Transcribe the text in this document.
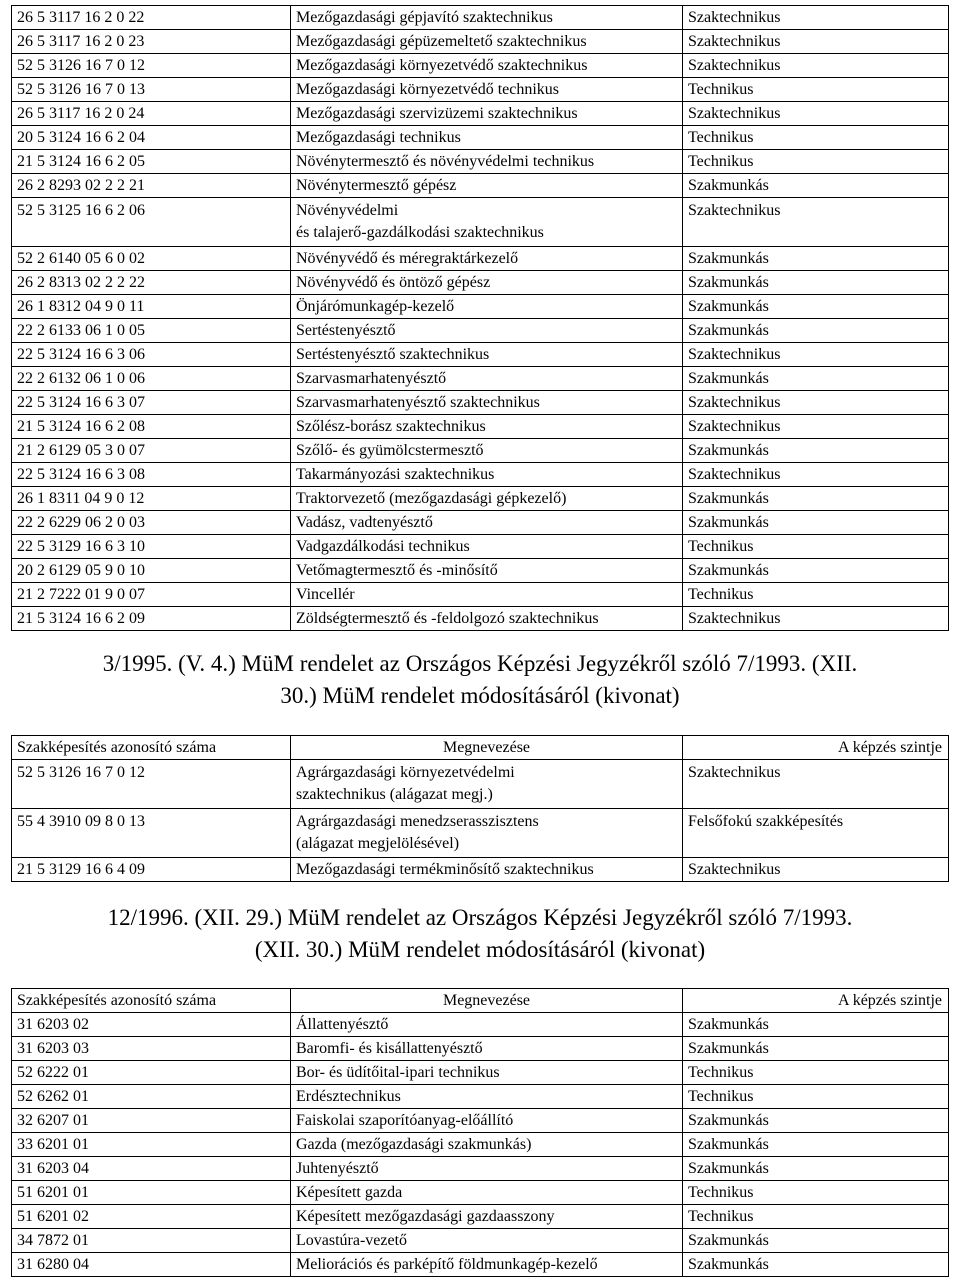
26 5 3117 16 2 0 22	Mezőgazdasági gépjavító szaktechnikus	Szaktechnikus
26 5 3117 16 2 0 23	Mezőgazdasági gépüzemeltető szaktechnikus	Szaktechnikus
52 5 3126 16 7 0 12	Mezőgazdasági környezetvédő szaktechnikus	Szaktechnikus
52 5 3126 16 7 0 13	Mezőgazdasági környezetvédő technikus	Technikus
26 5 3117 16 2 0 24	Mezőgazdasági szervizüzemi szaktechnikus	Szaktechnikus
20 5 3124 16 6 2 04	Mezőgazdasági technikus	Technikus
21 5 3124 16 6 2 05	Növénytermesztő és növényvédelmi technikus	Technikus
26 2 8293 02 2 2 21	Növénytermesztő gépész	Szakmunkás
52 5 3125 16 6 2 06	Növényvédelmi
és talajerő-gazdálkodási szaktechnikus	Szaktechnikus
52 2 6140 05 6 0 02	Növényvédő és méregraktárkezelő	Szakmunkás
26 2 8313 02 2 2 22	Növényvédő és öntöző gépész	Szakmunkás
26 1 8312 04 9 0 11	Önjárómunkagép-kezelő	Szakmunkás
22 2 6133 06 1 0 05	Sertéstenyésztő	Szakmunkás
22 5 3124 16 6 3 06	Sertéstenyésztő szaktechnikus	Szaktechnikus
22 2 6132 06 1 0 06	Szarvasmarhatenyésztő	Szakmunkás
22 5 3124 16 6 3 07	Szarvasmarhatenyésztő szaktechnikus	Szaktechnikus
21 5 3124 16 6 2 08	Szőlész-borász szaktechnikus	Szaktechnikus
21 2 6129 05 3 0 07	Szőlő- és gyümölcstermesztő	Szakmunkás
22 5 3124 16 6 3 08	Takarmányozási szaktechnikus	Szaktechnikus
26 1 8311 04 9 0 12	Traktorvezető (mezőgazdasági gépkezelő)	Szakmunkás
22 2 6229 06 2 0 03	Vadász, vadtenyésztő	Szakmunkás
22 5 3129 16 6 3 10	Vadgazdálkodási technikus	Technikus
20 2 6129 05 9 0 10	Vetőmagtermesztő és -minősítő	Szakmunkás
21 2 7222 01 9 0 07	Vincellér	Technikus
21 5 3124 16 6 2 09	Zöldségtermesztő és -feldolgozó szaktechnikus	Szaktechnikus
3/1995. (V. 4.) MüM rendelet az Országos Képzési Jegyzékről szóló 7/1993. (XII.
30.) MüM rendelet módosításáról (kivonat)
Szakképesítés azonosító száma	Megnevezése	A képzés szintje
52 5 3126 16 7 0 12	Agrárgazdasági környezetvédelmi
szaktechnikus (alágazat megj.)	Szaktechnikus
55 4 3910 09 8 0 13	Agrárgazdasági menedzserasszisztens
(alágazat megjelölésével)	Felsőfokú szakképesítés
21 5 3129 16 6 4 09	Mezőgazdasági termékminősítő szaktechnikus	Szaktechnikus
12/1996. (XII. 29.) MüM rendelet az Országos Képzési Jegyzékről szóló 7/1993.
(XII. 30.) MüM rendelet módosításáról (kivonat)
Szakképesítés azonosító száma	Megnevezése	A képzés szintje
31 6203 02	Állattenyésztő	Szakmunkás
31 6203 03	Baromfi- és kisállattenyésztő	Szakmunkás
52 6222 01	Bor- és üdítőital-ipari technikus	Technikus
52 6262 01	Erdésztechnikus	Technikus
32 6207 01	Faiskolai szaporítóanyag-előállító	Szakmunkás
33 6201 01	Gazda (mezőgazdasági szakmunkás)	Szakmunkás
31 6203 04	Juhtenyésztő	Szakmunkás
51 6201 01	Képesített gazda	Technikus
51 6201 02	Képesített mezőgazdasági gazdaasszony	Technikus
34 7872 01	Lovastúra-vezető	Szakmunkás
31 6280 04	Meliorációs és parképítő földmunkagép-kezelő	Szakmunkás
